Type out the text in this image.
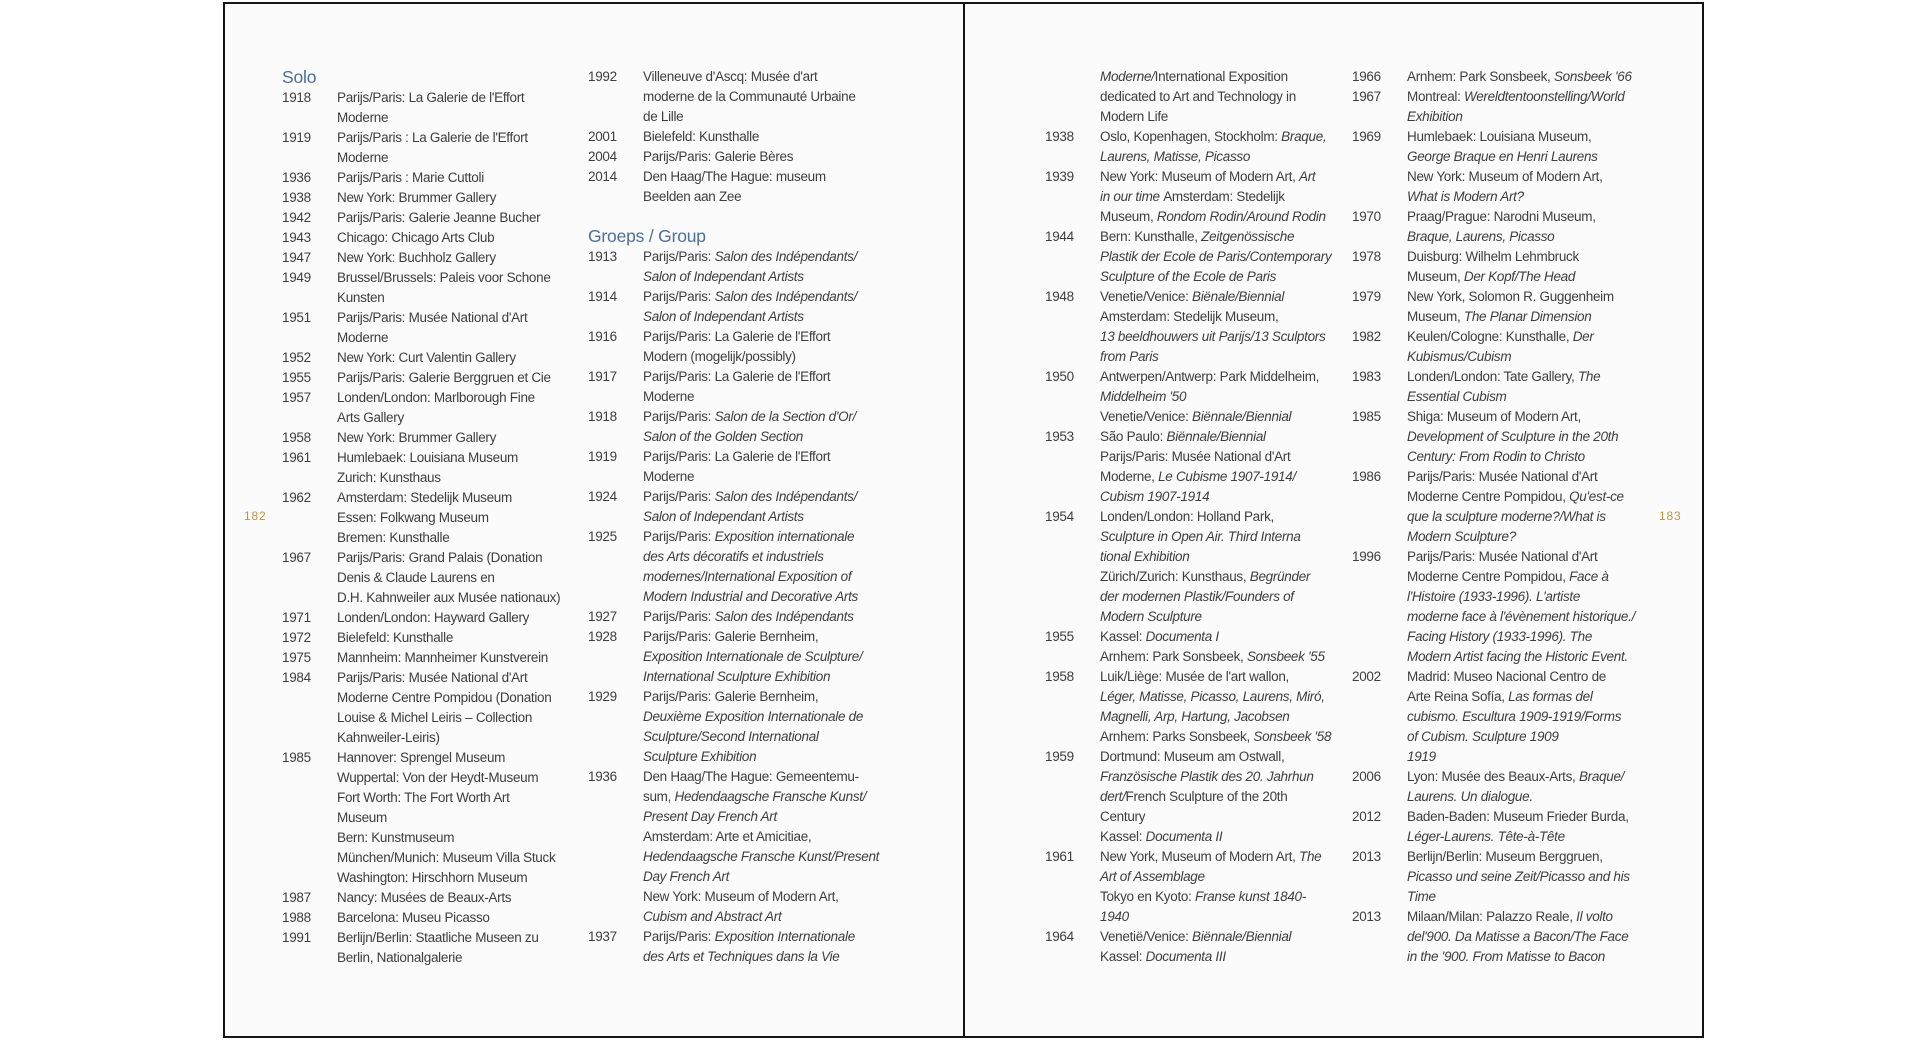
182
Solo
1918	Parijs/Paris: La Galerie de l'Effort
Moderne
1919	Parijs/Paris : La Galerie de l'Effort
Moderne
1936	Parijs/Paris : Marie Cuttoli
1938	New York: Brummer Gallery
1942	Parijs/Paris: Galerie Jeanne Bucher
1943	Chicago: Chicago Arts Club
1947	New York: Buchholz Gallery
1949	Brussel/Brussels: Paleis voor Schone
Kunsten
1951	Parijs/Paris: Musée National d'Art
Moderne
1952	New York: Curt Valentin Gallery
1955	Parijs/Paris: Galerie Berggruen et Cie
1957	Londen/London: Marlborough Fine
Arts Gallery
1958	New York: Brummer Gallery
1961	Humlebaek: Louisiana Museum
Zurich: Kunsthaus
1962	Amsterdam: Stedelijk Museum
Essen: Folkwang Museum
Bremen: Kunsthalle
1967	Parijs/Paris: Grand Palais (Donation
Denis & Claude Laurens en
D.H. Kahnweiler aux Musée nationaux)
1971	Londen/London: Hayward Gallery
1972	Bielefeld: Kunsthalle
1975	Mannheim: Mannheimer Kunstverein
1984	Parijs/Paris: Musée National d'Art
Moderne Centre Pompidou (Donation
Louise & Michel Leiris – Collection
Kahnweiler-Leiris)
1985	Hannover: Sprengel Museum
Wuppertal: Von der Heydt-Museum
Fort Worth: The Fort Worth Art
Museum
Bern: Kunstmuseum
München/Munich: Museum Villa Stuck
Washington: Hirschhorn Museum
1987	Nancy: Musées de Beaux-Arts
1988	Barcelona: Museu Picasso
1991	Berlijn/Berlin: Staatliche Museen zu
Berlin, Nationalgalerie
1992	Villeneuve d'Ascq: Musée d'art
moderne de la Communauté Urbaine
de Lille
2001	Bielefeld: Kunsthalle
2004	Parijs/Paris: Galerie Bères
2014	Den Haag/The Hague: museum
Beelden aan Zee
Groeps / Group
1913	Parijs/Paris: Salon des Indépendants/
Salon of Independant Artists
1914	Parijs/Paris: Salon des Indépendants/
Salon of Independant Artists
1916	Parijs/Paris: La Galerie de l'Effort
Modern (mogelijk/possibly)
1917	Parijs/Paris: La Galerie de l'Effort
Moderne
1918	Parijs/Paris: Salon de la Section d'Or/
Salon of the Golden Section
1919	Parijs/Paris: La Galerie de l'Effort
Moderne
1924	Parijs/Paris: Salon des Indépendants/
Salon of Independant Artists
1925	Parijs/Paris: Exposition internationale
des Arts décoratifs et industriels
modernes/International Exposition of
Modern Industrial and Decorative Arts
1927	Parijs/Paris: Salon des Indépendants
1928	Parijs/Paris: Galerie Bernheim,
Exposition Internationale de Sculpture/
International Sculpture Exhibition
1929	Parijs/Paris: Galerie Bernheim,
Deuxième Exposition Internationale de
Sculpture/Second International
Sculpture Exhibition
1936	Den Haag/The Hague: Gemeentemu-
sum, Hedendaagsche Fransche Kunst/
Present Day French Art
Amsterdam: Arte et Amicitiae,
Hedendaagsche Fransche Kunst/Present
Day French Art
New York: Museum of Modern Art,
Cubism and Abstract Art
1937	Parijs/Paris: Exposition Internationale
des Arts et Techniques dans la Vie
183
Moderne/International Exposition
dedicated to Art and Technology in
Modern Life
1938	Oslo, Kopenhagen, Stockholm: Braque,
Laurens, Matisse, Picasso
1939	New York: Museum of Modern Art, Art
in our time Amsterdam: Stedelijk
Museum, Rondom Rodin/Around Rodin
1944	Bern: Kunsthalle, Zeitgenössische
Plastik der Ecole de Paris/Contemporary
Sculpture of the Ecole de Paris
1948	Venetie/Venice: Biënale/Biennial
Amsterdam: Stedelijk Museum,
13 beeldhouwers uit Parijs/13 Sculptors
from Paris
1950	Antwerpen/Antwerp: Park Middelheim,
Middelheim '50
Venetie/Venice: Biënnale/Biennial
1953	São Paulo: Biënnale/Biennial
Parijs/Paris: Musée National d'Art
Moderne, Le Cubisme 1907-1914/
Cubism 1907-1914
1954	Londen/London: Holland Park,
Sculpture in Open Air. Third Interna
tional Exhibition
Zürich/Zurich: Kunsthaus, Begründer
der modernen Plastik/Founders of
Modern Sculpture
1955	Kassel: Documenta I
Arnhem: Park Sonsbeek, Sonsbeek '55
1958	Luik/Liège: Musée de l'art wallon,
Léger, Matisse, Picasso, Laurens, Miró,
Magnelli, Arp, Hartung, Jacobsen
Arnhem: Parks Sonsbeek, Sonsbeek '58
1959	Dortmund: Museum am Ostwall,
Französische Plastik des 20. Jahrhun
dert/French Sculpture of the 20th
Century
Kassel: Documenta II
1961	New York, Museum of Modern Art, The
Art of Assemblage
Tokyo en Kyoto: Franse kunst 1840-
1940
1964	Venetië/Venice: Biënnale/Biennial
Kassel: Documenta III
1966	Arnhem: Park Sonsbeek, Sonsbeek '66
1967	Montreal: Wereldtentoonstelling/World
Exhibition
1969	Humlebaek: Louisiana Museum,
George Braque en Henri Laurens
New York: Museum of Modern Art,
What is Modern Art?
1970	Praag/Prague: Narodni Museum,
Braque, Laurens, Picasso
1978	Duisburg: Wilhelm Lehmbruck
Museum, Der Kopf/The Head
1979	New York, Solomon R. Guggenheim
Museum, The Planar Dimension
1982	Keulen/Cologne: Kunsthalle, Der
Kubismus/Cubism
1983	Londen/London: Tate Gallery, The
Essential Cubism
1985	Shiga: Museum of Modern Art,
Development of Sculpture in the 20th
Century: From Rodin to Christo
1986	Parijs/Paris: Musée National d'Art
Moderne Centre Pompidou, Qu'est-ce
que la sculpture moderne?/What is
Modern Sculpture?
1996	Parijs/Paris: Musée National d'Art
Moderne Centre Pompidou, Face à
l'Histoire (1933-1996). L'artiste
moderne face à l'évènement historique./
Facing History (1933-1996). The
Modern Artist facing the Historic Event.
2002	Madrid: Museo Nacional Centro de
Arte Reina Sofía, Las formas del
cubismo. Escultura 1909-1919/Forms
of Cubism. Sculpture 1909
1919
2006	Lyon: Musée des Beaux-Arts, Braque/
Laurens. Un dialogue.
2012	Baden-Baden: Museum Frieder Burda,
Léger-Laurens. Tête-à-Tête
2013	Berlijn/Berlin: Museum Berggruen,
Picasso und seine Zeit/Picasso and his
Time
2013	Milaan/Milan: Palazzo Reale, Il volto
del'900. Da Matisse a Bacon/The Face
in the '900. From Matisse to Bacon
